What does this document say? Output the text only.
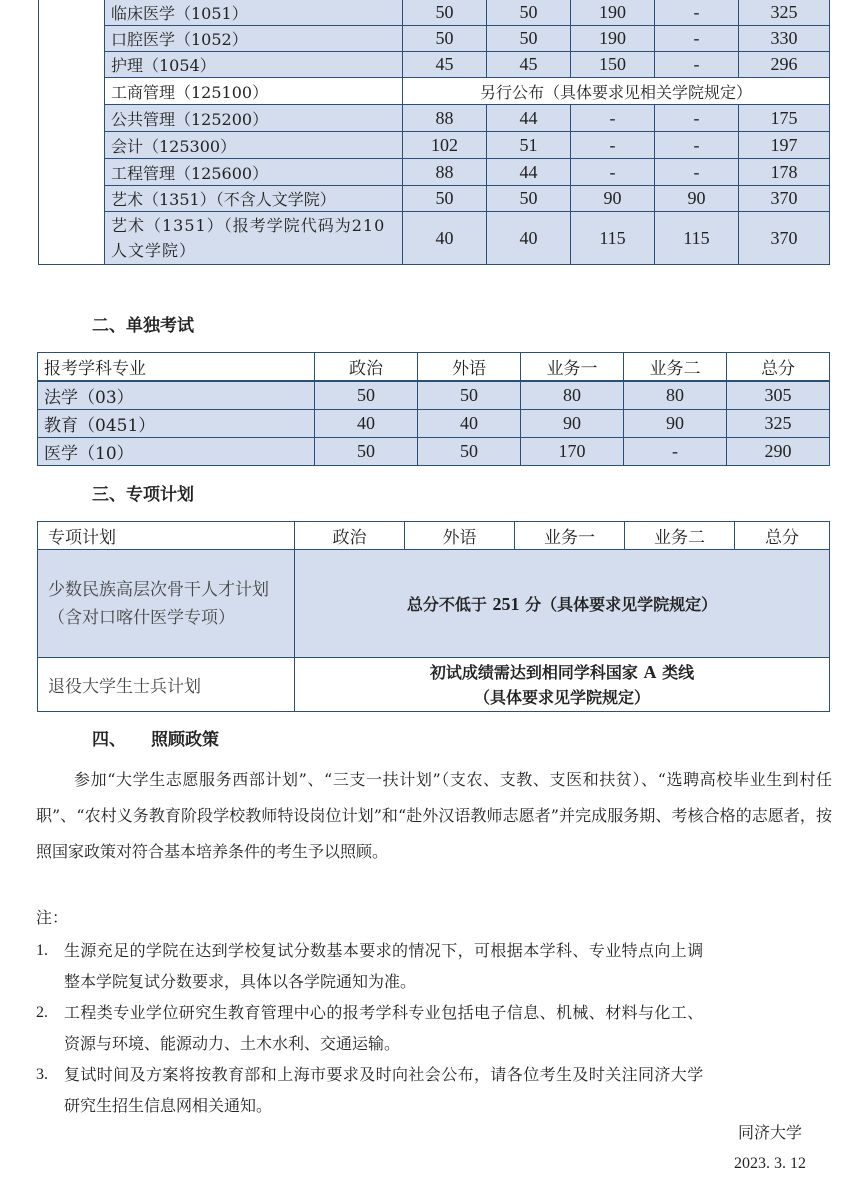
	临床医学（1051）	50	50	190	-	325
	口腔医学（1052）	50	50	190	-	330
	护理（1054）	45	45	150	-	296
	工商管理（125100）	另行公布（具体要求见相关学院规定）				
	公共管理（125200）	88	44	-	-	175
	会计（125300）	102	51	-	-	197
	工程管理（125600）	88	44	-	-	178
	艺术（1351）（不含人文学院）	50	50	90	90	370
	艺术（1351）（报考学院代码为210人文学院）	40	40	115	115	370
二、单独考试
报考学科专业	政治	外语	业务一	业务二	总分
法学（03）	50	50	80	80	305
教育（0451）	40	40	90	90	325
医学（10）	50	50	170	-	290
三、专项计划
专项计划	政治	外语	业务一	业务二	总分
少数民族高层次骨干人才计划（含对口喀什医学专项）	总分不低于 251 分（具体要求见学院规定）				
退役大学生士兵计划	初试成绩需达到相同学科国家 A 类线
（具体要求见学院规定）				
四、 照顾政策
参加“大学生志愿服务西部计划”、“三支一扶计划”（支农、支教、支医和扶贫）、“选聘高校毕业生到村任职”、“农村义务教育阶段学校教师特设岗位计划”和“赴外汉语教师志愿者”并完成服务期、考核合格的志愿者，按照国家政策对符合基本培养条件的考生予以照顾。
注：
1. 生源充足的学院在达到学校复试分数基本要求的情况下，可根据本学科、专业特点向上调
整本学院复试分数要求，具体以各学院通知为准。
2. 工程类专业学位研究生教育管理中心的报考学科专业包括电子信息、机械、材料与化工、
资源与环境、能源动力、土木水利、交通运输。
3. 复试时间及方案将按教育部和上海市要求及时向社会公布，请各位考生及时关注同济大学
研究生招生信息网相关通知。
同济大学
2023. 3. 12
